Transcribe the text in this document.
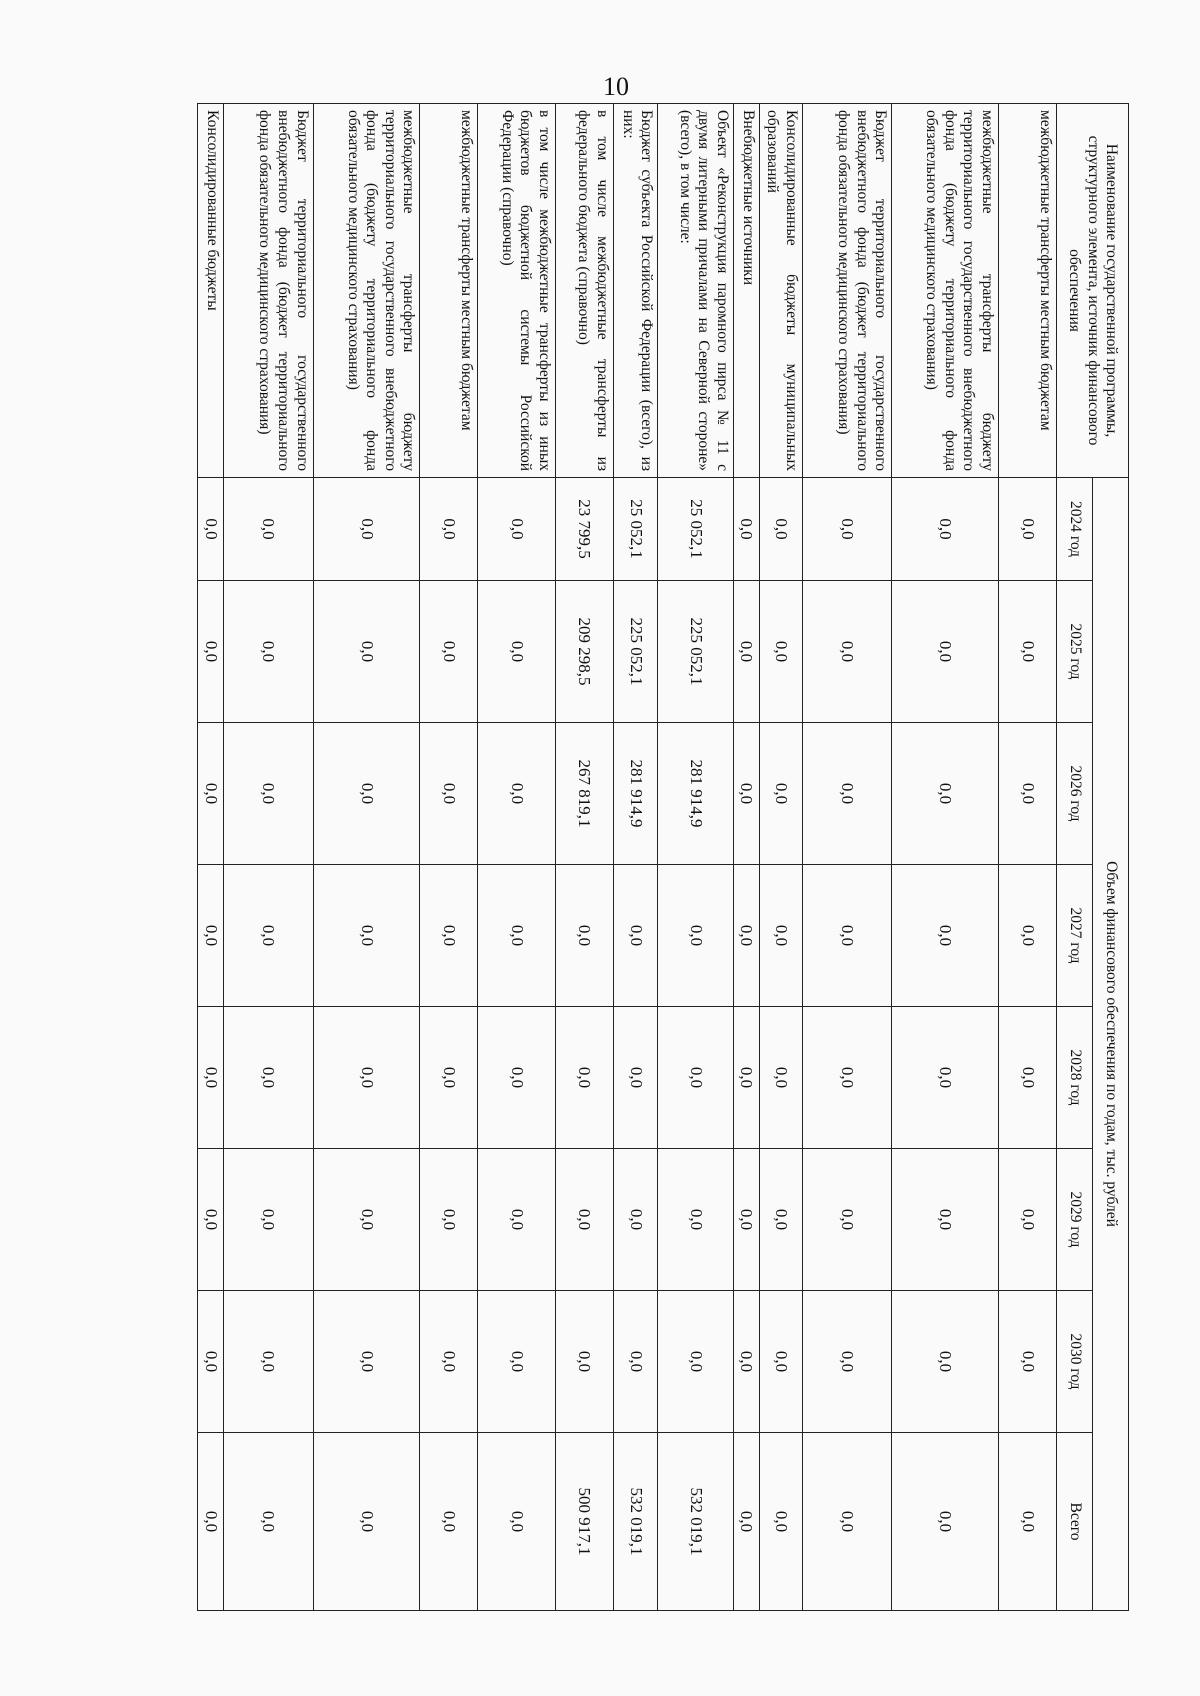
10
Наименование государственной программы, структурного элемента, источник финансового обеспечения	Объем финансового обеспечения по годам, тыс. рублей							
	2024 год	2025 год	2026 год	2027 год	2028 год	2029 год	2030 год	Всего
межбюджетные трансферты местным бюджетам	0,0	0,0	0,0	0,0	0,0	0,0	0,0	0,0
межбюджетные трансферты бюджету территориального государственного внебюджетного фонда (бюджету территориального фонда обязательного медицинского страхования)	0,0	0,0	0,0	0,0	0,0	0,0	0,0	0,0
Бюджет территориального государственного внебюджетного фонда (бюджет территориального фонда обязательного медицинского страхования)	0,0	0,0	0,0	0,0	0,0	0,0	0,0	0,0
Консолидированные бюджеты муниципальных образований	0,0	0,0	0,0	0,0	0,0	0,0	0,0	0,0
Внебюджетные источники	0,0	0,0	0,0	0,0	0,0	0,0	0,0	0,0
Объект «Реконструкция паромного пирса № 11 с двумя литерными причалами на Северной стороне» (всего), в том числе:	25 052,1	225 052,1	281 914,9	0,0	0,0	0,0	0,0	532 019,1
Бюджет субъекта Российской Федерации (всего), из них:	25 052,1	225 052,1	281 914,9	0,0	0,0	0,0	0,0	532 019,1
в том числе межбюджетные трансферты из федерального бюджета (справочно)	23 799,5	209 298,5	267 819,1	0,0	0,0	0,0	0,0	500 917,1
в том числе межбюджетные трансферты из иных бюджетов бюджетной системы Российской Федерации (справочно)	0,0	0,0	0,0	0,0	0,0	0,0	0,0	0,0
межбюджетные трансферты местным бюджетам	0,0	0,0	0,0	0,0	0,0	0,0	0,0	0,0
межбюджетные трансферты бюджету территориального государственного внебюджетного фонда (бюджету территориального фонда обязательного медицинского страхования)	0,0	0,0	0,0	0,0	0,0	0,0	0,0	0,0
Бюджет территориального государственного внебюджетного фонда (бюджет территориального фонда обязательного медицинского страхования)	0,0	0,0	0,0	0,0	0,0	0,0	0,0	0,0
Консолидированные бюджеты	0,0	0,0	0,0	0,0	0,0	0,0	0,0	0,0
